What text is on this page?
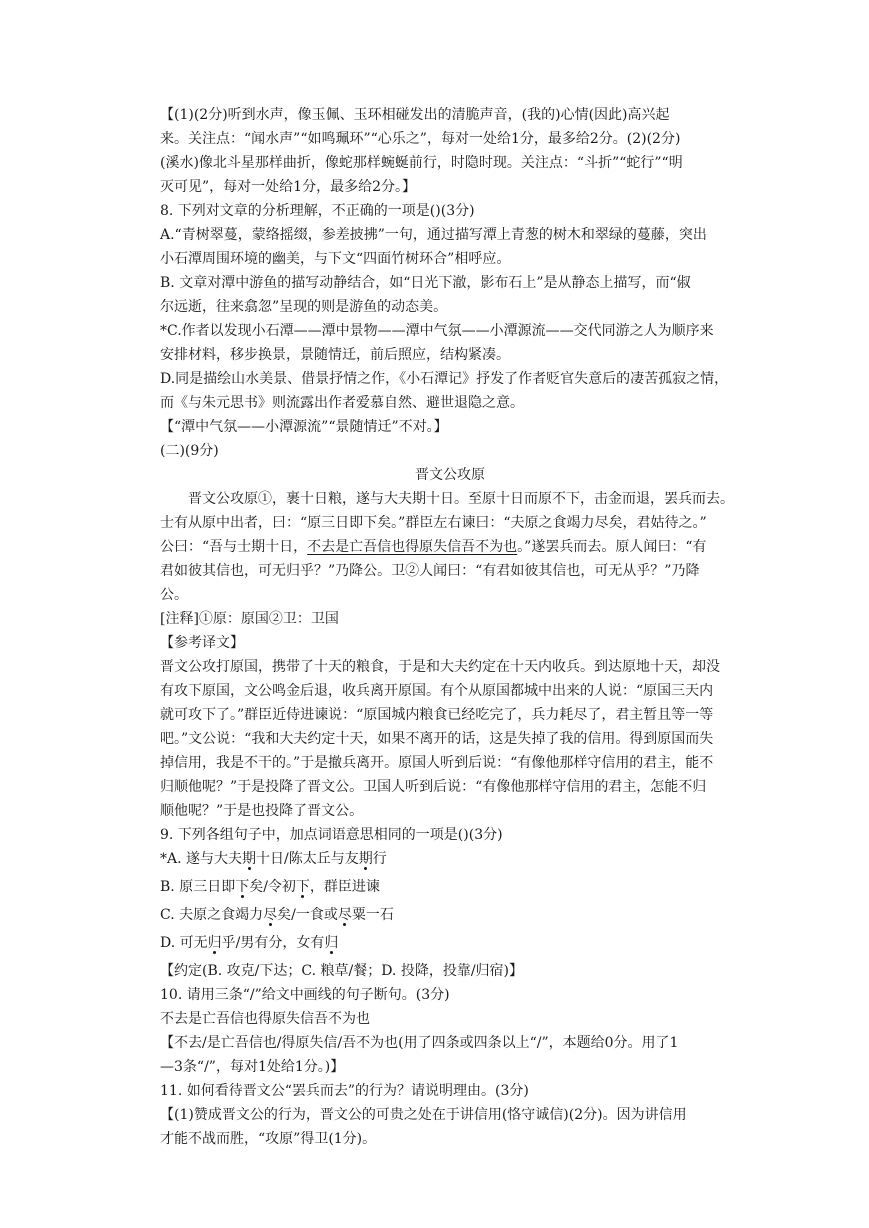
【(1)(2分)听到水声，像玉佩、玉环相碰发出的清脆声音，(我的)心情(因此)高兴起
来。关注点：“闻水声”“如鸣珮环”“心乐之”，每对一处给1分，最多给2分。(2)(2分)
(溪水)像北斗星那样曲折，像蛇那样蜿蜒前行，时隐时现。关注点：“斗折”“蛇行”“明
灭可见”，每对一处给1分，最多给2分。】
8. 下列对文章的分析理解，不正确的一项是()(3分)
A.“青树翠蔓，蒙络摇缀，参差披拂”一句，通过描写潭上青葱的树木和翠绿的蔓藤，突出
小石潭周围环境的幽美，与下文“四面竹树环合”相呼应。
B. 文章对潭中游鱼的描写动静结合，如“日光下澈，影布石上”是从静态上描写，而“俶
尔远逝，往来翕忽”呈现的则是游鱼的动态美。
*C.作者以发现小石潭——潭中景物——潭中气氛——小潭源流——交代同游之人为顺序来
安排材料，移步换景，景随情迁，前后照应，结构紧凑。
D.同是描绘山水美景、借景抒情之作，《小石潭记》抒发了作者贬官失意后的凄苦孤寂之情，
而《与朱元思书》则流露出作者爱慕自然、避世退隐之意。
【“潭中气氛——小潭源流”“景随情迁”不对。】
(二)(9分)
晋文公攻原
晋文公攻原①，裹十日粮，遂与大夫期十日。至原十日而原不下，击金而退，罢兵而去。
士有从原中出者，曰：“原三日即下矣。”群臣左右谏曰：“夫原之食竭力尽矣，君姑待之。”
公曰：“吾与士期十日，不去是亡吾信也得原失信吾不为也。”遂罢兵而去。原人闻曰：“有
君如彼其信也，可无归乎？”乃降公。卫②人闻曰：“有君如彼其信也，可无从乎？”乃降
公。
[注释]①原：原国②卫：卫国
【参考译文】
晋文公攻打原国，携带了十天的粮食，于是和大夫约定在十天内收兵。到达原地十天，却没
有攻下原国，文公鸣金后退，收兵离开原国。有个从原国都城中出来的人说：“原国三天内
就可攻下了。”群臣近侍进谏说：“原国城内粮食已经吃完了，兵力耗尽了，君主暂且等一等
吧。”文公说：“我和大夫约定十天，如果不离开的话，这是失掉了我的信用。得到原国而失
掉信用，我是不干的。”于是撤兵离开。原国人听到后说：“有像他那样守信用的君主，能不
归顺他呢？”于是投降了晋文公。卫国人听到后说：“有像他那样守信用的君主，怎能不归
顺他呢？”于是也投降了晋文公。
9. 下列各组句子中，加点词语意思相同的一项是()(3分)
*A. 遂与大夫期十日/陈太丘与友期行
B. 原三日即下矣/令初下，群臣进谏
C. 夫原之食竭力尽矣/一食或尽粟一石
D. 可无归乎/男有分，女有归
【约定(B. 攻克/下达；C. 粮草/餐；D. 投降，投靠/归宿)】
10. 请用三条“/”给文中画线的句子断句。(3分)
不去是亡吾信也得原失信吾不为也
【不去/是亡吾信也/得原失信/吾不为也(用了四条或四条以上“/”，本题给0分。用了1
—3条“/”，每对1处给1分。)】
11. 如何看待晋文公“罢兵而去”的行为？请说明理由。(3分)
【(1)赞成晋文公的行为，晋文公的可贵之处在于讲信用(恪守诚信)(2分)。因为讲信用
才能不战而胜，“攻原”得卫(1分)。
